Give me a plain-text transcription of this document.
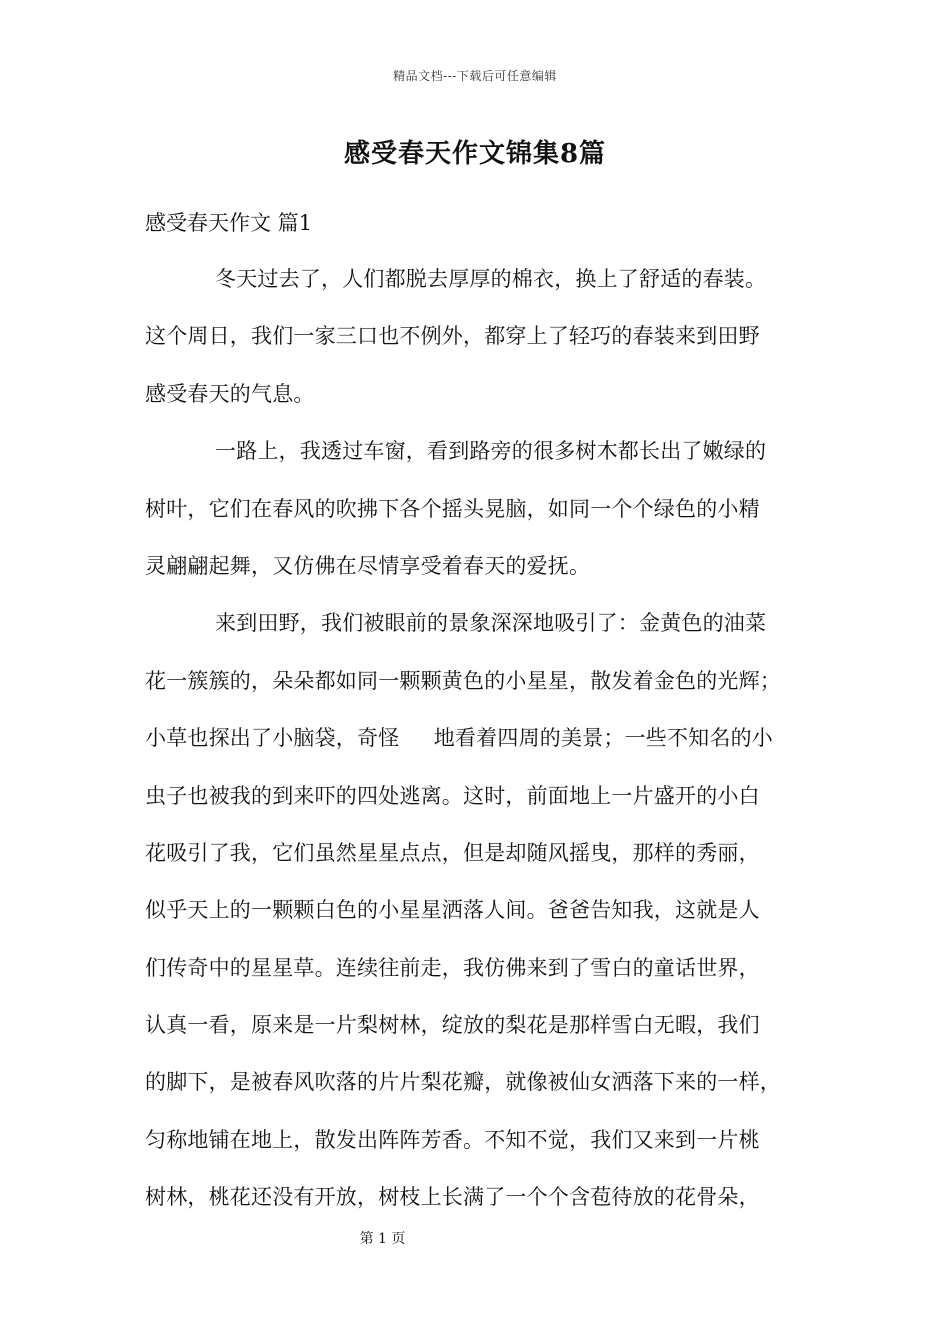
精品文档---下载后可任意编辑
感受春天作文锦集8篇
感受春天作文 篇1
冬天过去了，人们都脱去厚厚的棉衣，换上了舒适的春装。
这个周日，我们一家三口也不例外，都穿上了轻巧的春装来到田野
感受春天的气息。
一路上，我透过车窗，看到路旁的很多树木都长出了嫩绿的
树叶，它们在春风的吹拂下各个摇头晃脑，如同一个个绿色的小精
灵翩翩起舞，又仿佛在尽情享受着春天的爱抚。
来到田野，我们被眼前的景象深深地吸引了：金黄色的油菜
花一簇簇的，朵朵都如同一颗颗黄色的小星星，散发着金色的光辉；
小草也探出了小脑袋，奇怪     地看着四周的美景；一些不知名的小
虫子也被我的到来吓的四处逃离。这时，前面地上一片盛开的小白
花吸引了我，它们虽然星星点点，但是却随风摇曳，那样的秀丽，
似乎天上的一颗颗白色的小星星洒落人间。爸爸告知我，这就是人
们传奇中的星星草。连续往前走，我仿佛来到了雪白的童话世界，
认真一看，原来是一片梨树林，绽放的梨花是那样雪白无暇，我们
的脚下，是被春风吹落的片片梨花瓣，就像被仙女洒落下来的一样，
匀称地铺在地上，散发出阵阵芳香。不知不觉，我们又来到一片桃
树林，桃花还没有开放，树枝上长满了一个个含苞待放的花骨朵，
第 1 页
